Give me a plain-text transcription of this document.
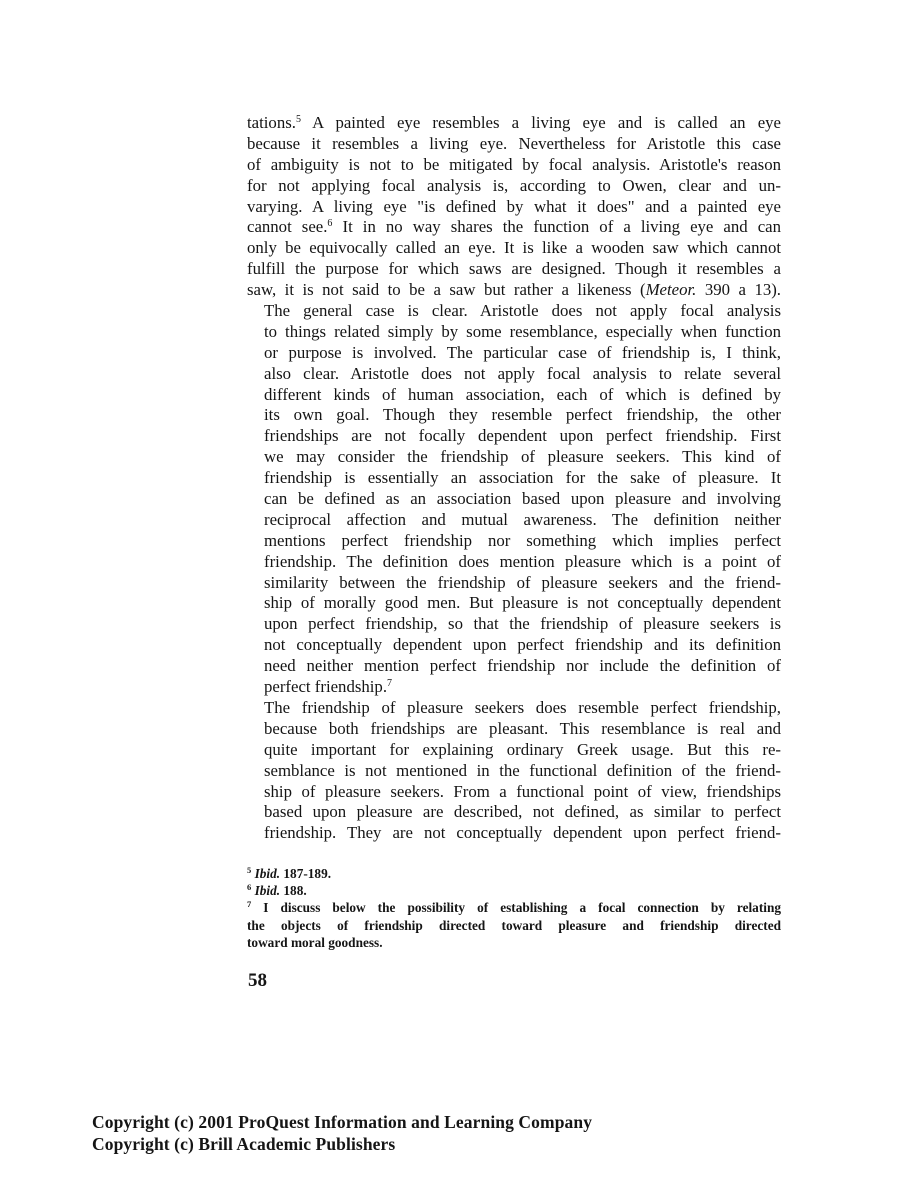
tations.$^5$ A painted eye resembles a living eye and is called an eye
because it resembles a living eye. Nevertheless for Aristotle this case
of ambiguity is not to be mitigated by focal analysis. Aristotle's reason
for not applying focal analysis is, according to Owen, clear and un-
varying. A living eye "is defined by what it does" and a painted eye
cannot see.$^6$ It in no way shares the function of a living eye and can
only be equivocally called an eye. It is like a wooden saw which cannot
fulfill the purpose for which saws are designed. Though it resembles a
saw, it is not said to be a saw but rather a likeness (Meteor. 390 a 13).
The general case is clear. Aristotle does not apply focal analysis
to things related simply by some resemblance, especially when function
or purpose is involved. The particular case of friendship is, I think,
also clear. Aristotle does not apply focal analysis to relate several
different kinds of human association, each of which is defined by
its own goal. Though they resemble perfect friendship, the other
friendships are not focally dependent upon perfect friendship. First
we may consider the friendship of pleasure seekers. This kind of
friendship is essentially an association for the sake of pleasure. It
can be defined as an association based upon pleasure and involving
reciprocal affection and mutual awareness. The definition neither
mentions perfect friendship nor something which implies perfect
friendship. The definition does mention pleasure which is a point of
similarity between the friendship of pleasure seekers and the friend-
ship of morally good men. But pleasure is not conceptually dependent
upon perfect friendship, so that the friendship of pleasure seekers is
not conceptually dependent upon perfect friendship and its definition
need neither mention perfect friendship nor include the definition of
perfect friendship.$^7$
The friendship of pleasure seekers does resemble perfect friendship,
because both friendships are pleasant. This resemblance is real and
quite important for explaining ordinary Greek usage. But this re-
semblance is not mentioned in the functional definition of the friend-
ship of pleasure seekers. From a functional point of view, friendships
based upon pleasure are described, not defined, as similar to perfect
friendship. They are not conceptually dependent upon perfect friend-
$^5$ Ibid. 187-189.
$^6$ Ibid. 188.
$^7$ I discuss below the possibility of establishing a focal connection by relating
the objects of friendship directed toward pleasure and friendship directed
toward moral goodness.
58
Copyright (c) 2001 ProQuest Information and Learning Company
Copyright (c) Brill Academic Publishers
